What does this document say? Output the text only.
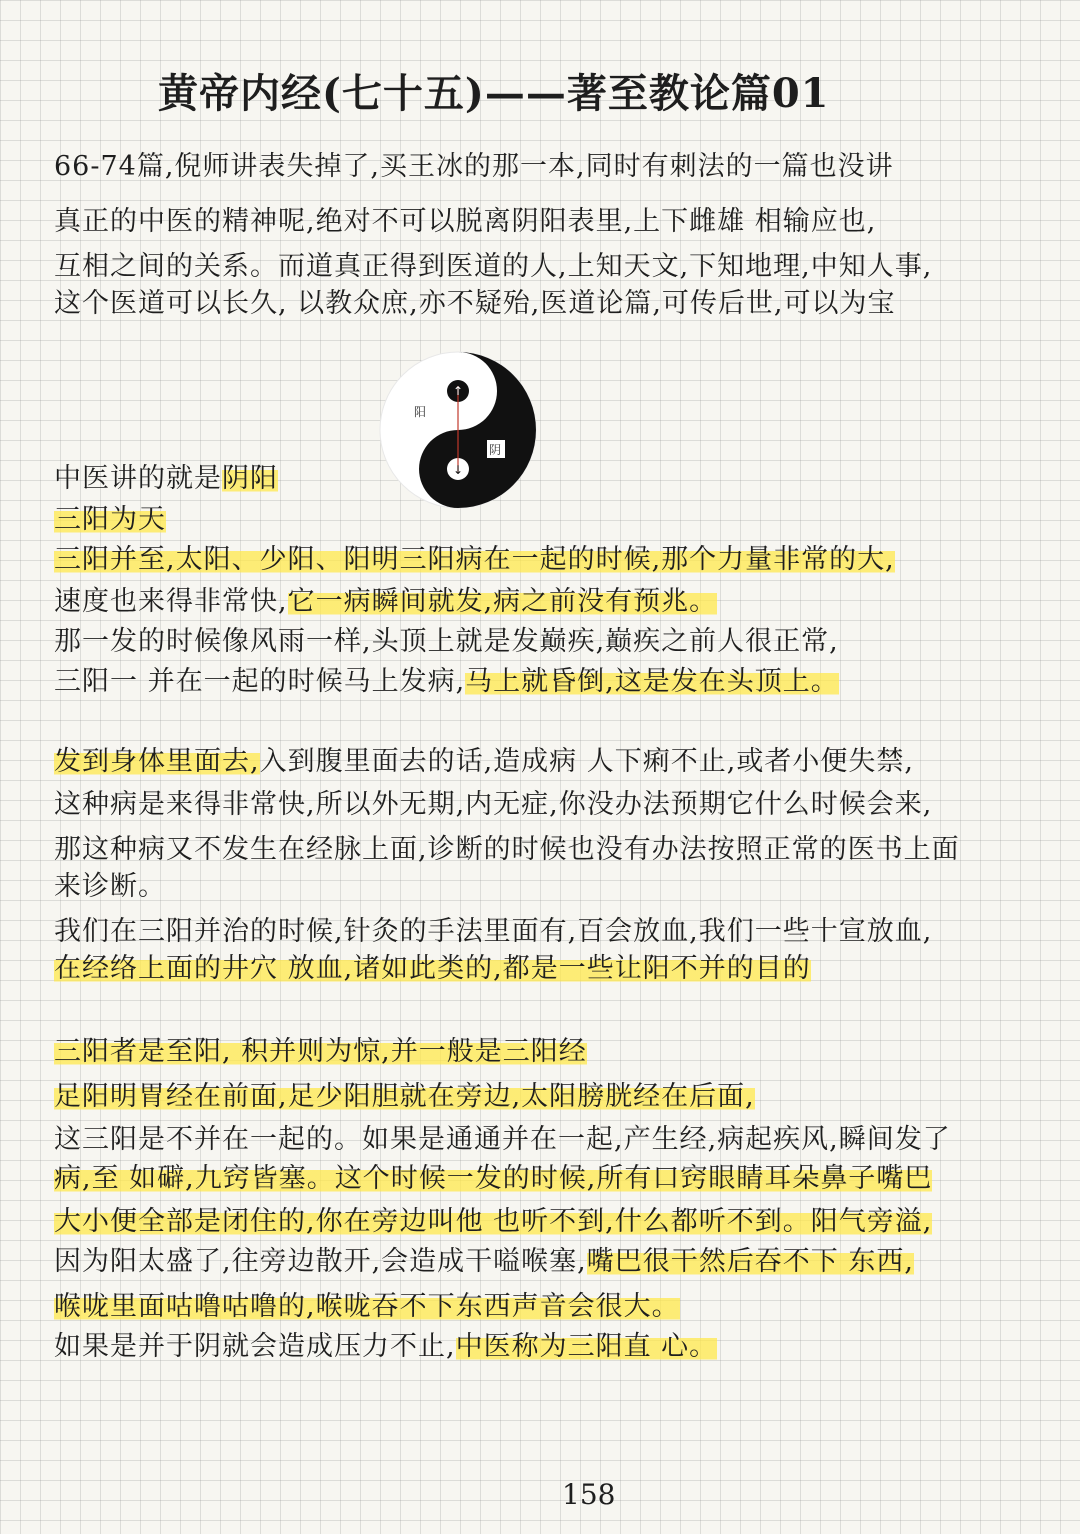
黄帝内经(七十五)——著至教论篇01
66-74篇,倪师讲表失掉了,买王冰的那一本,同时有刺法的一篇也没讲
真正的中医的精神呢,绝对不可以脱离阴阳表里,上下雌雄 相输应也,
互相之间的关系。而道真正得到医道的人,上知天文,下知地理,中知人事,
这个医道可以长久, 以教众庶,亦不疑殆,医道论篇,可传后世,可以为宝
↑
↓
阳
阴
中医讲的就是阴阳
三阳为天
三阳并至,太阳、少阳、阳明三阳病在一起的时候,那个力量非常的大,
速度也来得非常快,它一病瞬间就发,病之前没有预兆。
那一发的时候像风雨一样,头顶上就是发巅疾,巅疾之前人很正常,
三阳一 并在一起的时候马上发病,马上就昏倒,这是发在头顶上。
发到身体里面去,入到腹里面去的话,造成病 人下痢不止,或者小便失禁,
这种病是来得非常快,所以外无期,内无症,你没办法预期它什么时候会来,
那这种病又不发生在经脉上面,诊断的时候也没有办法按照正常的医书上面
来诊断。
我们在三阳并治的时候,针灸的手法里面有,百会放血,我们一些十宣放血,
在经络上面的井穴 放血,诸如此类的,都是一些让阳不并的目的
三阳者是至阳, 积并则为惊,并一般是三阳经
足阳明胃经在前面,足少阳胆就在旁边,太阳膀胱经在后面,
这三阳是不并在一起的。如果是通通并在一起,产生经,病起疾风,瞬间发了
病,至 如礔,九窍皆塞。这个时候一发的时候,所有口窍眼睛耳朵鼻子嘴巴
大小便全部是闭住的,你在旁边叫他 也听不到,什么都听不到。阳气旁溢,
因为阳太盛了,往旁边散开,会造成干嗌喉塞,嘴巴很干然后吞不下 东西,
喉咙里面咕噜咕噜的,喉咙吞不下东西声音会很大。
如果是并于阴就会造成压力不止,中医称为三阳直 心。
158
